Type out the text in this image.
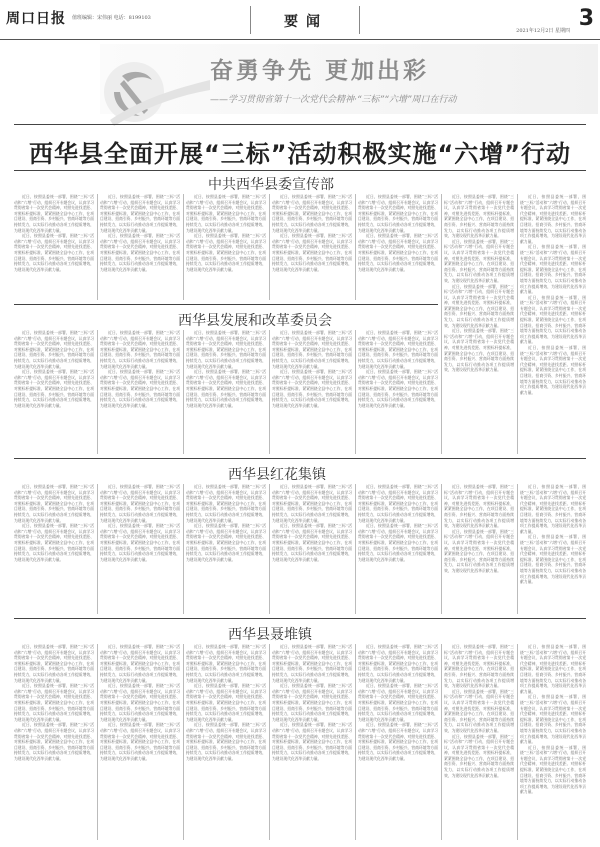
周口日报 值班编辑：宋伟丽 电话：8199103	要闻
2021年12月2日 星期四 3
奋勇争先 更加出彩
——学习贯彻省第十一次党代会精神·“三标”“六增”周口在行动
西华县全面开展“三标”活动积极实施“六增”行动
中共西华县委宣传部

近日，按照县委统一部署，围绕“三标”活动和“六增”行动，组织召开专题会议，认真学习贯彻省第十一次党代会精神，对照先进找差距、对照标杆提标准，紧紧围绕全县中心工作，在项目建设、招商引资、乡村振兴、营商环境等方面持续发力，以实际行动推动各项工作提质增效，为建设现代化西华贡献力量。

近日，按照县委统一部署，围绕“三标”活动和“六增”行动，组织召开专题会议，认真学习贯彻省第十一次党代会精神，对照先进找差距、对照标杆提标准，紧紧围绕全县中心工作，在项目建设、招商引资、乡村振兴、营商环境等方面持续发力，以实际行动推动各项工作提质增效，为建设现代化西华贡献力量。

近日，按照县委统一部署，围绕“三标”活动和“六增”行动，组织召开专题会议，认真学习贯彻省第十一次党代会精神，对照先进找差距、对照标杆提标准，紧紧围绕全县中心工作，在项目建设、招商引资、乡村振兴、营商环境等方面持续发力，以实际行动推动各项工作提质增效，为建设现代化西华贡献力量。

近日，按照县委统一部署，围绕“三标”活动和“六增”行动，组织召开专题会议，认真学习贯彻省第十一次党代会精神，对照先进找差距、对照标杆提标准，紧紧围绕全县中心工作，在项目建设、招商引资、乡村振兴、营商环境等方面持续发力，以实际行动推动各项工作提质增效，为建设现代化西华贡献力量。

近日，按照县委统一部署，围绕“三标”活动和“六增”行动，组织召开专题会议，认真学习贯彻省第十一次党代会精神，对照先进找差距、对照标杆提标准，紧紧围绕全县中心工作，在项目建设、招商引资、乡村振兴、营商环境等方面持续发力，以实际行动推动各项工作提质增效，为建设现代化西华贡献力量。

近日，按照县委统一部署，围绕“三标”活动和“六增”行动，组织召开专题会议，认真学习贯彻省第十一次党代会精神，对照先进找差距、对照标杆提标准，紧紧围绕全县中心工作，在项目建设、招商引资、乡村振兴、营商环境等方面持续发力，以实际行动推动各项工作提质增效，为建设现代化西华贡献力量。

近日，按照县委统一部署，围绕“三标”活动和“六增”行动，组织召开专题会议，认真学习贯彻省第十一次党代会精神，对照先进找差距、对照标杆提标准，紧紧围绕全县中心工作，在项目建设、招商引资、乡村振兴、营商环境等方面持续发力，以实际行动推动各项工作提质增效，为建设现代化西华贡献力量。

近日，按照县委统一部署，围绕“三标”活动和“六增”行动，组织召开专题会议，认真学习贯彻省第十一次党代会精神，对照先进找差距、对照标杆提标准，紧紧围绕全县中心工作，在项目建设、招商引资、乡村振兴、营商环境等方面持续发力，以实际行动推动各项工作提质增效，为建设现代化西华贡献力量。

近日，按照县委统一部署，围绕“三标”活动和“六增”行动，组织召开专题会议，认真学习贯彻省第十一次党代会精神，对照先进找差距、对照标杆提标准，紧紧围绕全县中心工作，在项目建设、招商引资、乡村振兴、营商环境等方面持续发力，以实际行动推动各项工作提质增效，为建设现代化西华贡献力量。

近日，按照县委统一部署，围绕“三标”活动和“六增”行动，组织召开专题会议，认真学习贯彻省第十一次党代会精神，对照先进找差距、对照标杆提标准，紧紧围绕全县中心工作，在项目建设、招商引资、乡村振兴、营商环境等方面持续发力，以实际行动推动各项工作提质增效，为建设现代化西华贡献力量。

近日，按照县委统一部署，围绕“三标”活动和“六增”行动，组织召开专题会议，认真学习贯彻省第十一次党代会精神，对照先进找差距、对照标杆提标准，紧紧围绕全县中心工作，在项目建设、招商引资、乡村振兴、营商环境等方面持续发力，以实际行动推动各项工作提质增效，为建设现代化西华贡献力量。

近日，按照县委统一部署，围绕“三标”活动和“六增”行动，组织召开专题会议，认真学习贯彻省第十一次党代会精神，对照先进找差距、对照标杆提标准，紧紧围绕全县中心工作，在项目建设、招商引资、乡村振兴、营商环境等方面持续发力，以实际行动推动各项工作提质增效，为建设现代化西华贡献力量。

近日，按照县委统一部署，围绕“三标”活动和“六增”行动，组织召开专题会议，认真学习贯彻省第十一次党代会精神，对照先进找差距、对照标杆提标准，紧紧围绕全县中心工作，在项目建设、招商引资、乡村振兴、营商环境等方面持续发力，以实际行动推动各项工作提质增效，为建设现代化西华贡献力量。

近日，按照县委统一部署，围绕“三标”活动和“六增”行动，组织召开专题会议，认真学习贯彻省第十一次党代会精神，对照先进找差距、对照标杆提标准，紧紧围绕全县中心工作，在项目建设、招商引资、乡村振兴、营商环境等方面持续发力，以实际行动推动各项工作提质增效，为建设现代化西华贡献力量。

近日，按照县委统一部署，围绕“三标”活动和“六增”行动，组织召开专题会议，认真学习贯彻省第十一次党代会精神，对照先进找差距、对照标杆提标准，紧紧围绕全县中心工作，在项目建设、招商引资、乡村振兴、营商环境等方面持续发力，以实际行动推动各项工作提质增效，为建设现代化西华贡献力量。

近日，按照县委统一部署，围绕“三标”活动和“六增”行动，组织召开专题会议，认真学习贯彻省第十一次党代会精神，对照先进找差距、对照标杆提标准，紧紧围绕全县中心工作，在项目建设、招商引资、乡村振兴、营商环境等方面持续发力，以实际行动推动各项工作提质增效，为建设现代化西华贡献力量。

近日，按照县委统一部署，围绕“三标”活动和“六增”行动，组织召开专题会议，认真学习贯彻省第十一次党代会精神，对照先进找差距、对照标杆提标准，紧紧围绕全县中心工作，在项目建设、招商引资、乡村振兴、营商环境等方面持续发力，以实际行动推动各项工作提质增效，为建设现代化西华贡献力量。

近日，按照县委统一部署，围绕“三标”活动和“六增”行动，组织召开专题会议，认真学习贯彻省第十一次党代会精神，对照先进找差距、对照标杆提标准，紧紧围绕全县中心工作，在项目建设、招商引资、乡村振兴、营商环境等方面持续发力，以实际行动推动各项工作提质增效，为建设现代化西华贡献力量。

西华县发展和改革委员会

近日，按照县委统一部署，围绕“三标”活动和“六增”行动，组织召开专题会议，认真学习贯彻省第十一次党代会精神，对照先进找差距、对照标杆提标准，紧紧围绕全县中心工作，在项目建设、招商引资、乡村振兴、营商环境等方面持续发力，以实际行动推动各项工作提质增效，为建设现代化西华贡献力量。

近日，按照县委统一部署，围绕“三标”活动和“六增”行动，组织召开专题会议，认真学习贯彻省第十一次党代会精神，对照先进找差距、对照标杆提标准，紧紧围绕全县中心工作，在项目建设、招商引资、乡村振兴、营商环境等方面持续发力，以实际行动推动各项工作提质增效，为建设现代化西华贡献力量。

近日，按照县委统一部署，围绕“三标”活动和“六增”行动，组织召开专题会议，认真学习贯彻省第十一次党代会精神，对照先进找差距、对照标杆提标准，紧紧围绕全县中心工作，在项目建设、招商引资、乡村振兴、营商环境等方面持续发力，以实际行动推动各项工作提质增效，为建设现代化西华贡献力量。

近日，按照县委统一部署，围绕“三标”活动和“六增”行动，组织召开专题会议，认真学习贯彻省第十一次党代会精神，对照先进找差距、对照标杆提标准，紧紧围绕全县中心工作，在项目建设、招商引资、乡村振兴、营商环境等方面持续发力，以实际行动推动各项工作提质增效，为建设现代化西华贡献力量。

近日，按照县委统一部署，围绕“三标”活动和“六增”行动，组织召开专题会议，认真学习贯彻省第十一次党代会精神，对照先进找差距、对照标杆提标准，紧紧围绕全县中心工作，在项目建设、招商引资、乡村振兴、营商环境等方面持续发力，以实际行动推动各项工作提质增效，为建设现代化西华贡献力量。

近日，按照县委统一部署，围绕“三标”活动和“六增”行动，组织召开专题会议，认真学习贯彻省第十一次党代会精神，对照先进找差距、对照标杆提标准，紧紧围绕全县中心工作，在项目建设、招商引资、乡村振兴、营商环境等方面持续发力，以实际行动推动各项工作提质增效，为建设现代化西华贡献力量。

近日，按照县委统一部署，围绕“三标”活动和“六增”行动，组织召开专题会议，认真学习贯彻省第十一次党代会精神，对照先进找差距、对照标杆提标准，紧紧围绕全县中心工作，在项目建设、招商引资、乡村振兴、营商环境等方面持续发力，以实际行动推动各项工作提质增效，为建设现代化西华贡献力量。

近日，按照县委统一部署，围绕“三标”活动和“六增”行动，组织召开专题会议，认真学习贯彻省第十一次党代会精神，对照先进找差距、对照标杆提标准，紧紧围绕全县中心工作，在项目建设、招商引资、乡村振兴、营商环境等方面持续发力，以实际行动推动各项工作提质增效，为建设现代化西华贡献力量。

近日，按照县委统一部署，围绕“三标”活动和“六增”行动，组织召开专题会议，认真学习贯彻省第十一次党代会精神，对照先进找差距、对照标杆提标准，紧紧围绕全县中心工作，在项目建设、招商引资、乡村振兴、营商环境等方面持续发力，以实际行动推动各项工作提质增效，为建设现代化西华贡献力量。

近日，按照县委统一部署，围绕“三标”活动和“六增”行动，组织召开专题会议，认真学习贯彻省第十一次党代会精神，对照先进找差距、对照标杆提标准，紧紧围绕全县中心工作，在项目建设、招商引资、乡村振兴、营商环境等方面持续发力，以实际行动推动各项工作提质增效，为建设现代化西华贡献力量。

西华县红花集镇

近日，按照县委统一部署，围绕“三标”活动和“六增”行动，组织召开专题会议，认真学习贯彻省第十一次党代会精神，对照先进找差距、对照标杆提标准，紧紧围绕全县中心工作，在项目建设、招商引资、乡村振兴、营商环境等方面持续发力，以实际行动推动各项工作提质增效，为建设现代化西华贡献力量。

近日，按照县委统一部署，围绕“三标”活动和“六增”行动，组织召开专题会议，认真学习贯彻省第十一次党代会精神，对照先进找差距、对照标杆提标准，紧紧围绕全县中心工作，在项目建设、招商引资、乡村振兴、营商环境等方面持续发力，以实际行动推动各项工作提质增效，为建设现代化西华贡献力量。

近日，按照县委统一部署，围绕“三标”活动和“六增”行动，组织召开专题会议，认真学习贯彻省第十一次党代会精神，对照先进找差距、对照标杆提标准，紧紧围绕全县中心工作，在项目建设、招商引资、乡村振兴、营商环境等方面持续发力，以实际行动推动各项工作提质增效，为建设现代化西华贡献力量。

近日，按照县委统一部署，围绕“三标”活动和“六增”行动，组织召开专题会议，认真学习贯彻省第十一次党代会精神，对照先进找差距、对照标杆提标准，紧紧围绕全县中心工作，在项目建设、招商引资、乡村振兴、营商环境等方面持续发力，以实际行动推动各项工作提质增效，为建设现代化西华贡献力量。

近日，按照县委统一部署，围绕“三标”活动和“六增”行动，组织召开专题会议，认真学习贯彻省第十一次党代会精神，对照先进找差距、对照标杆提标准，紧紧围绕全县中心工作，在项目建设、招商引资、乡村振兴、营商环境等方面持续发力，以实际行动推动各项工作提质增效，为建设现代化西华贡献力量。

近日，按照县委统一部署，围绕“三标”活动和“六增”行动，组织召开专题会议，认真学习贯彻省第十一次党代会精神，对照先进找差距、对照标杆提标准，紧紧围绕全县中心工作，在项目建设、招商引资、乡村振兴、营商环境等方面持续发力，以实际行动推动各项工作提质增效，为建设现代化西华贡献力量。

近日，按照县委统一部署，围绕“三标”活动和“六增”行动，组织召开专题会议，认真学习贯彻省第十一次党代会精神，对照先进找差距、对照标杆提标准，紧紧围绕全县中心工作，在项目建设、招商引资、乡村振兴、营商环境等方面持续发力，以实际行动推动各项工作提质增效，为建设现代化西华贡献力量。

近日，按照县委统一部署，围绕“三标”活动和“六增”行动，组织召开专题会议，认真学习贯彻省第十一次党代会精神，对照先进找差距、对照标杆提标准，紧紧围绕全县中心工作，在项目建设、招商引资、乡村振兴、营商环境等方面持续发力，以实际行动推动各项工作提质增效，为建设现代化西华贡献力量。

近日，按照县委统一部署，围绕“三标”活动和“六增”行动，组织召开专题会议，认真学习贯彻省第十一次党代会精神，对照先进找差距、对照标杆提标准，紧紧围绕全县中心工作，在项目建设、招商引资、乡村振兴、营商环境等方面持续发力，以实际行动推动各项工作提质增效，为建设现代化西华贡献力量。

近日，按照县委统一部署，围绕“三标”活动和“六增”行动，组织召开专题会议，认真学习贯彻省第十一次党代会精神，对照先进找差距、对照标杆提标准，紧紧围绕全县中心工作，在项目建设、招商引资、乡村振兴、营商环境等方面持续发力，以实际行动推动各项工作提质增效，为建设现代化西华贡献力量。

近日，按照县委统一部署，围绕“三标”活动和“六增”行动，组织召开专题会议，认真学习贯彻省第十一次党代会精神，对照先进找差距、对照标杆提标准，紧紧围绕全县中心工作，在项目建设、招商引资、乡村振兴、营商环境等方面持续发力，以实际行动推动各项工作提质增效，为建设现代化西华贡献力量。

近日，按照县委统一部署，围绕“三标”活动和“六增”行动，组织召开专题会议，认真学习贯彻省第十一次党代会精神，对照先进找差距、对照标杆提标准，紧紧围绕全县中心工作，在项目建设、招商引资、乡村振兴、营商环境等方面持续发力，以实际行动推动各项工作提质增效，为建设现代化西华贡献力量。

近日，按照县委统一部署，围绕“三标”活动和“六增”行动，组织召开专题会议，认真学习贯彻省第十一次党代会精神，对照先进找差距、对照标杆提标准，紧紧围绕全县中心工作，在项目建设、招商引资、乡村振兴、营商环境等方面持续发力，以实际行动推动各项工作提质增效，为建设现代化西华贡献力量。

近日，按照县委统一部署，围绕“三标”活动和“六增”行动，组织召开专题会议，认真学习贯彻省第十一次党代会精神，对照先进找差距、对照标杆提标准，紧紧围绕全县中心工作，在项目建设、招商引资、乡村振兴、营商环境等方面持续发力，以实际行动推动各项工作提质增效，为建设现代化西华贡献力量。

西华县聂堆镇

近日，按照县委统一部署，围绕“三标”活动和“六增”行动，组织召开专题会议，认真学习贯彻省第十一次党代会精神，对照先进找差距、对照标杆提标准，紧紧围绕全县中心工作，在项目建设、招商引资、乡村振兴、营商环境等方面持续发力，以实际行动推动各项工作提质增效，为建设现代化西华贡献力量。

近日，按照县委统一部署，围绕“三标”活动和“六增”行动，组织召开专题会议，认真学习贯彻省第十一次党代会精神，对照先进找差距、对照标杆提标准，紧紧围绕全县中心工作，在项目建设、招商引资、乡村振兴、营商环境等方面持续发力，以实际行动推动各项工作提质增效，为建设现代化西华贡献力量。

近日，按照县委统一部署，围绕“三标”活动和“六增”行动，组织召开专题会议，认真学习贯彻省第十一次党代会精神，对照先进找差距、对照标杆提标准，紧紧围绕全县中心工作，在项目建设、招商引资、乡村振兴、营商环境等方面持续发力，以实际行动推动各项工作提质增效，为建设现代化西华贡献力量。

近日，按照县委统一部署，围绕“三标”活动和“六增”行动，组织召开专题会议，认真学习贯彻省第十一次党代会精神，对照先进找差距、对照标杆提标准，紧紧围绕全县中心工作，在项目建设、招商引资、乡村振兴、营商环境等方面持续发力，以实际行动推动各项工作提质增效，为建设现代化西华贡献力量。

近日，按照县委统一部署，围绕“三标”活动和“六增”行动，组织召开专题会议，认真学习贯彻省第十一次党代会精神，对照先进找差距、对照标杆提标准，紧紧围绕全县中心工作，在项目建设、招商引资、乡村振兴、营商环境等方面持续发力，以实际行动推动各项工作提质增效，为建设现代化西华贡献力量。

近日，按照县委统一部署，围绕“三标”活动和“六增”行动，组织召开专题会议，认真学习贯彻省第十一次党代会精神，对照先进找差距、对照标杆提标准，紧紧围绕全县中心工作，在项目建设、招商引资、乡村振兴、营商环境等方面持续发力，以实际行动推动各项工作提质增效，为建设现代化西华贡献力量。

近日，按照县委统一部署，围绕“三标”活动和“六增”行动，组织召开专题会议，认真学习贯彻省第十一次党代会精神，对照先进找差距、对照标杆提标准，紧紧围绕全县中心工作，在项目建设、招商引资、乡村振兴、营商环境等方面持续发力，以实际行动推动各项工作提质增效，为建设现代化西华贡献力量。

近日，按照县委统一部署，围绕“三标”活动和“六增”行动，组织召开专题会议，认真学习贯彻省第十一次党代会精神，对照先进找差距、对照标杆提标准，紧紧围绕全县中心工作，在项目建设、招商引资、乡村振兴、营商环境等方面持续发力，以实际行动推动各项工作提质增效，为建设现代化西华贡献力量。

近日，按照县委统一部署，围绕“三标”活动和“六增”行动，组织召开专题会议，认真学习贯彻省第十一次党代会精神，对照先进找差距、对照标杆提标准，紧紧围绕全县中心工作，在项目建设、招商引资、乡村振兴、营商环境等方面持续发力，以实际行动推动各项工作提质增效，为建设现代化西华贡献力量。

近日，按照县委统一部署，围绕“三标”活动和“六增”行动，组织召开专题会议，认真学习贯彻省第十一次党代会精神，对照先进找差距、对照标杆提标准，紧紧围绕全县中心工作，在项目建设、招商引资、乡村振兴、营商环境等方面持续发力，以实际行动推动各项工作提质增效，为建设现代化西华贡献力量。

近日，按照县委统一部署，围绕“三标”活动和“六增”行动，组织召开专题会议，认真学习贯彻省第十一次党代会精神，对照先进找差距、对照标杆提标准，紧紧围绕全县中心工作，在项目建设、招商引资、乡村振兴、营商环境等方面持续发力，以实际行动推动各项工作提质增效，为建设现代化西华贡献力量。

近日，按照县委统一部署，围绕“三标”活动和“六增”行动，组织召开专题会议，认真学习贯彻省第十一次党代会精神，对照先进找差距、对照标杆提标准，紧紧围绕全县中心工作，在项目建设、招商引资、乡村振兴、营商环境等方面持续发力，以实际行动推动各项工作提质增效，为建设现代化西华贡献力量。

近日，按照县委统一部署，围绕“三标”活动和“六增”行动，组织召开专题会议，认真学习贯彻省第十一次党代会精神，对照先进找差距、对照标杆提标准，紧紧围绕全县中心工作，在项目建设、招商引资、乡村振兴、营商环境等方面持续发力，以实际行动推动各项工作提质增效，为建设现代化西华贡献力量。

近日，按照县委统一部署，围绕“三标”活动和“六增”行动，组织召开专题会议，认真学习贯彻省第十一次党代会精神，对照先进找差距、对照标杆提标准，紧紧围绕全县中心工作，在项目建设、招商引资、乡村振兴、营商环境等方面持续发力，以实际行动推动各项工作提质增效，为建设现代化西华贡献力量。

近日，按照县委统一部署，围绕“三标”活动和“六增”行动，组织召开专题会议，认真学习贯彻省第十一次党代会精神，对照先进找差距、对照标杆提标准，紧紧围绕全县中心工作，在项目建设、招商引资、乡村振兴、营商环境等方面持续发力，以实际行动推动各项工作提质增效，为建设现代化西华贡献力量。

近日，按照县委统一部署，围绕“三标”活动和“六增”行动，组织召开专题会议，认真学习贯彻省第十一次党代会精神，对照先进找差距、对照标杆提标准，紧紧围绕全县中心工作，在项目建设、招商引资、乡村振兴、营商环境等方面持续发力，以实际行动推动各项工作提质增效，为建设现代化西华贡献力量。

近日，按照县委统一部署，围绕“三标”活动和“六增”行动，组织召开专题会议，认真学习贯彻省第十一次党代会精神，对照先进找差距、对照标杆提标准，紧紧围绕全县中心工作，在项目建设、招商引资、乡村振兴、营商环境等方面持续发力，以实际行动推动各项工作提质增效，为建设现代化西华贡献力量。

近日，按照县委统一部署，围绕“三标”活动和“六增”行动，组织召开专题会议，认真学习贯彻省第十一次党代会精神，对照先进找差距、对照标杆提标准，紧紧围绕全县中心工作，在项目建设、招商引资、乡村振兴、营商环境等方面持续发力，以实际行动推动各项工作提质增效，为建设现代化西华贡献力量。

近日，按照县委统一部署，围绕“三标”活动和“六增”行动，组织召开专题会议，认真学习贯彻省第十一次党代会精神，对照先进找差距、对照标杆提标准，紧紧围绕全县中心工作，在项目建设、招商引资、乡村振兴、营商环境等方面持续发力，以实际行动推动各项工作提质增效，为建设现代化西华贡献力量。

近日，按照县委统一部署，围绕“三标”活动和“六增”行动，组织召开专题会议，认真学习贯彻省第十一次党代会精神，对照先进找差距、对照标杆提标准，紧紧围绕全县中心工作，在项目建设、招商引资、乡村振兴、营商环境等方面持续发力，以实际行动推动各项工作提质增效，为建设现代化西华贡献力量。

近日，按照县委统一部署，围绕“三标”活动和“六增”行动，组织召开专题会议，认真学习贯彻省第十一次党代会精神，对照先进找差距、对照标杆提标准，紧紧围绕全县中心工作，在项目建设、招商引资、乡村振兴、营商环境等方面持续发力，以实际行动推动各项工作提质增效，为建设现代化西华贡献力量。
